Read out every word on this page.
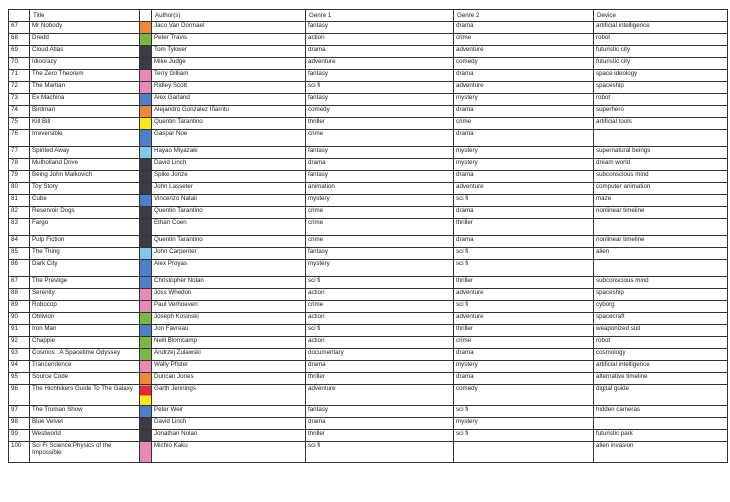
	Title		Author(s)	Genre 1	Genre 2	Device
67	Mr Nobody		Jaco Van Dormael	fantasy	drama	artificial intelligence
68	Dredd		Peter Travis	action	crime	robot
69	Cloud Atlas		Tom Tykwer	drama	adventure	futuristic city
70	Idiocracy		Mike Judge	adventure	comedy	futuristic city
71	The Zero Theorem		Terry Gilliam	fantasy	drama	space ideology
72	The Martian		Ridley Scott	sci fi	adventure	spaceship
73	Ex Machina		Alex Garland	fantasy	mystery	robot
74	Birdman		Alejandro Gonzalez Iñarritu	comedy	drama	superhero
75	Kill Bill		Quentin Tarantino	thriller	crime	artificial tools
76	Irreversible		Gaspar Noe	crime	drama	
77	Spirited Away		Hayao Miyazaki	fantasy	mystery	supernatural beings
78	Mulholland Drive		David Linch	drama	mystery	dream world
79	Being John Malkovich		Spike Jonze	fantasy	drama	subconscious mind
80	Toy Story		John Lasseter	animation	adventure	computer animation
81	Cube		Vincenzo Natali	mystery	sci fi	maze
82	Reservoir Dogs		Quentin Tarantino	crime	drama	nonlinear timeline
83	Fargo		Ethan Coen	crime	thriller	
84	Pulp Fiction		Quentin Tarantino	crime	drama	nonlinear timeline
85	The Thing		John Carpenter	fantasy	sci fi	alien
86	Dark City		Alex Proyas	mystery	sci fi	
87	The Prestige		Christopher Nolan	sci fi	thriller	subconscious mind
88	Serenity		Joss Whedon	action	adventure	spaceship
89	Robocop		Paul Verhoeven	crime	sci fi	cyborg
90	Oblivion		Joseph Kosinski	action	adventure	spacecraft
91	Iron Man		Jon Favreau	sci fi	thriller	weaponized suit
92	Chappie		Neill Blomcamp	action	crime	robot
93	Cosmos : A Spacetime Odyssey		Andrzej Zulawski	documentary	drama	cosmology
94	Trancendence		Wally Pfister	drama	mystery	artificial intelligence
95	Source Code		Duncan Jones	thriller	drama	alternative timeline
96	The Hichhikers Guide To The Galaxy		Garth Jennings	adventure	comedy	digital guide
97	The Truman Show		Peter Weir	fantasy	sci fi	hidden cameras
98	Blue Velvet		David Linch	drama	mystery	
99	Westworld		Jonathan Nolan	thriller	sci fi	futuristic park
100	Sci Fi Science:Physics of the Impossible		Michio Kaku	sci fi		alien invasion
